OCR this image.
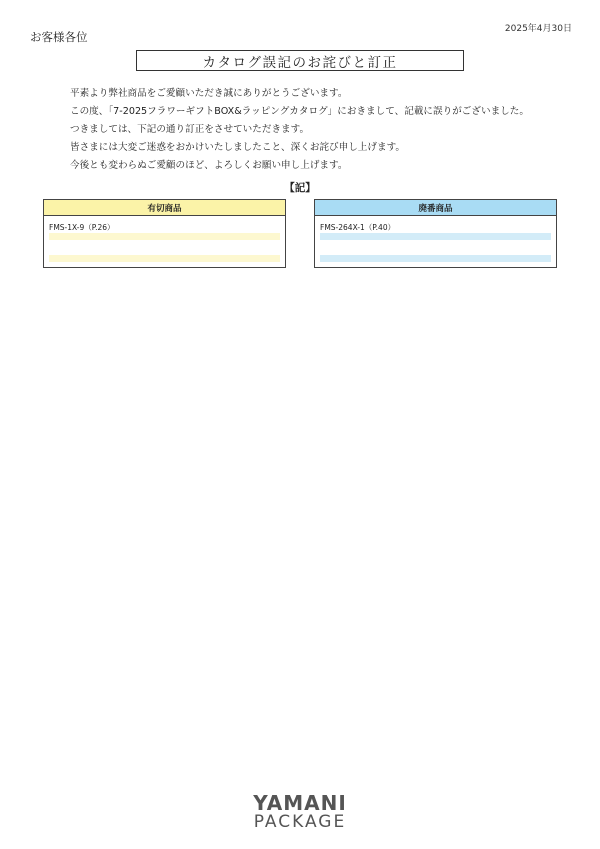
2025年4月30日
お客様各位
カタログ誤記のお詫びと訂正
平素より弊社商品をご愛顧いただき誠にありがとうございます。
この度、「7-2025フラワーギフトBOX&ラッピングカタログ」におきまして、記載に誤りがございました。
つきましては、下記の通り訂正をさせていただきます。
皆さまには大変ご迷惑をおかけいたしましたこと、深くお詫び申し上げます。
今後とも変わらぬご愛顧のほど、よろしくお願い申し上げます。
【記】
有切商品
FMS-1X-9（P.26）
廃番商品
FMS-264X-1（P.40）
YAMANI
PACKAGE
